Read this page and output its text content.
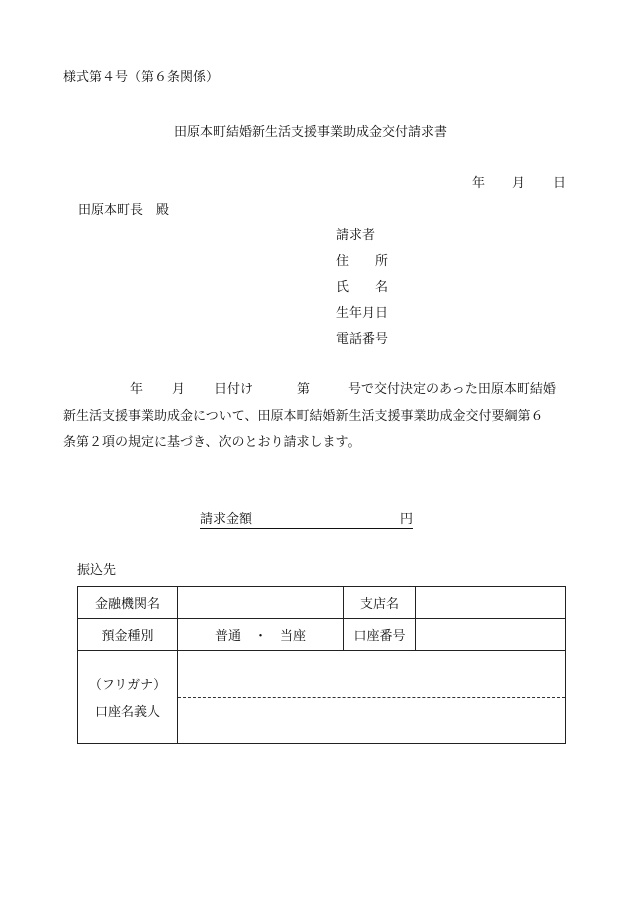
様式第４号（第６条関係）
田原本町結婚新生活支援事業助成金交付請求書
年 月 日
田原本町長　殿
請求者
住　　所
氏　　名
生年月日
電話番号
年 月 日付け	第	号で交付決定のあった田原本町結婚
新生活支援事業助成金について、田原本町結婚新生活支援事業助成金交付要綱第６
条第２項の規定に基づき、次のとおり請求します。
請求金額	円
振込先
金融機関名		支店名	
預金種別	普通　・　当座	口座番号	

（フリガナ）
口座名義人			
